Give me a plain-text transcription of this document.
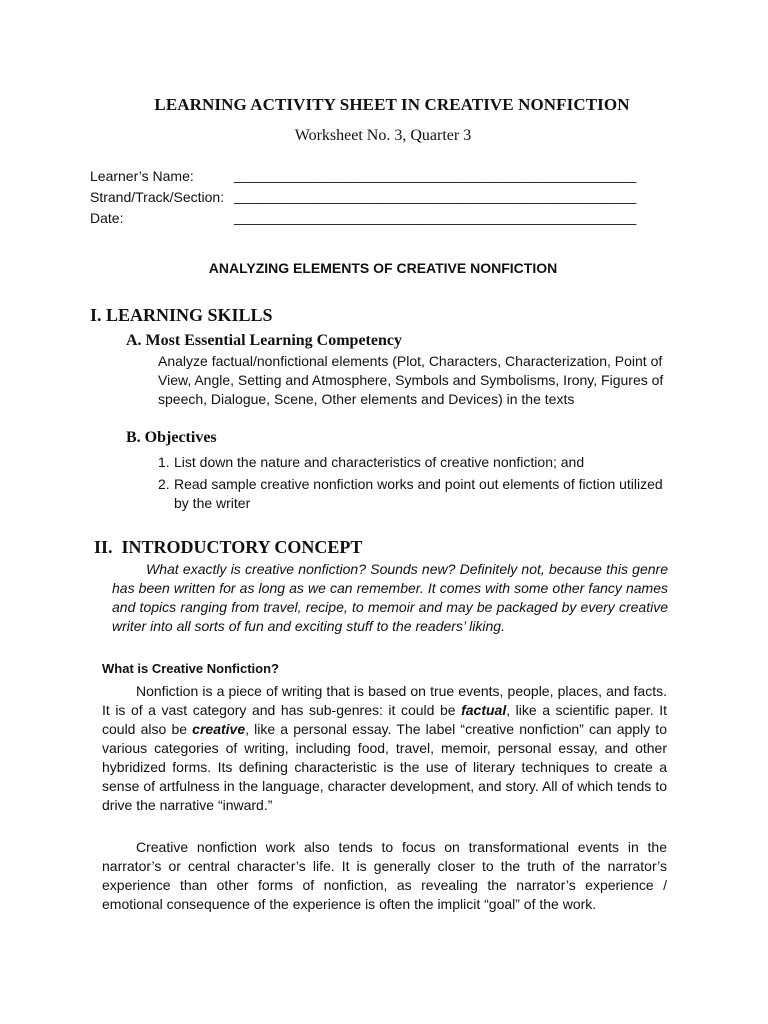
LEARNING ACTIVITY SHEET IN CREATIVE NONFICTION
Worksheet No. 3, Quarter 3
Learner’s Name:	_____________________________________________________
Strand/Track/Section: _____________________________________________________
Date:	_____________________________________________________
ANALYZING ELEMENTS OF CREATIVE NONFICTION
I. LEARNING SKILLS
A. Most Essential Learning Competency
Analyze factual/nonfictional elements (Plot, Characters, Characterization, Point of View, Angle, Setting and Atmosphere, Symbols and Symbolisms, Irony, Figures of speech, Dialogue, Scene, Other elements and Devices) in the texts
B. Objectives
1. List down the nature and characteristics of creative nonfiction; and
2. Read sample creative nonfiction works and point out elements of fiction utilized by the writer
II.  INTRODUCTORY CONCEPT
What exactly is creative nonfiction? Sounds new? Definitely not, because this genre has been written for as long as we can remember. It comes with some other fancy names and topics ranging from travel, recipe, to memoir and may be packaged by every creative writer into all sorts of fun and exciting stuff to the readers’ liking.
What is Creative Nonfiction?
Nonfiction is a piece of writing that is based on true events, people, places, and facts. It is of a vast category and has sub-genres: it could be factual, like a scientific paper. It could also be creative, like a personal essay. The label “creative nonfiction” can apply to various categories of writing, including food, travel, memoir, personal essay, and other hybridized forms. Its defining characteristic is the use of literary techniques to create a sense of artfulness in the language, character development, and story. All of which tends to drive the narrative “inward.”
Creative nonfiction work also tends to focus on transformational events in the narrator’s or central character’s life. It is generally closer to the truth of the narrator’s experience than other forms of nonfiction, as revealing the narrator’s experience / emotional consequence of the experience is often the implicit “goal” of the work.
